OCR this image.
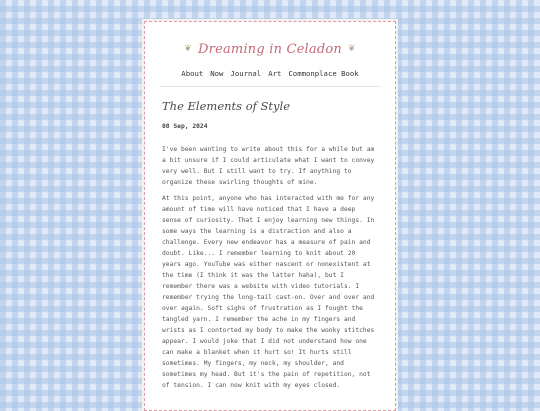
❦ Dreaming in Celadon ❦
About Now Journal Art Commonplace Book
The Elements of Style
08 Sep, 2024

I've been wanting to write about this for a while but am a bit unsure if I could articulate what I want to convey very well. But I still want to try. If anything to organize these swirling thoughts of mine.

At this point, anyone who has interacted with me for any amount of time will have noticed that I have a deep sense of curiosity. That I enjoy learning new things. In some ways the learning is a distraction and also a challenge. Every new endeavor has a measure of pain and doubt. Like... I remember learning to knit about 20 years ago. YouTube was either nascent or nonexistent at the time (I think it was the latter haha), but I remember there was a website with video tutorials. I remember trying the long-tail cast-on. Over and over and over again. Soft sighs of frustration as I fought the tangled yarn. I remember the ache in my fingers and wrists as I contorted my body to make the wonky stitches appear. I would joke that I did not understand how one can make a blanket when it hurt so! It hurts still sometimes. My fingers, my neck, my shoulder, and sometimes my head. But it's the pain of repetition, not of tension. I can now knit with my eyes closed.
